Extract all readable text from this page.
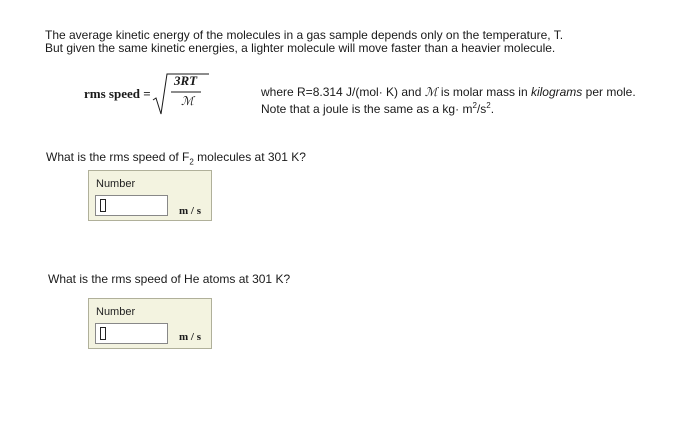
The average kinetic energy of the molecules in a gas sample depends only on the temperature, T.
But given the same kinetic energies, a lighter molecule will move faster than a heavier molecule.
rms speed =
3RT
ℳ
where R=8.314 J/(mol· K) and ℳ is molar mass in kilograms per mole.
Note that a joule is the same as a $kg\cdot m^2/s^2$.
What is the rms speed of $F_2$ molecules at 301 K?
Number
m / s
What is the rms speed of He atoms at 301 K?
Number
m / s
